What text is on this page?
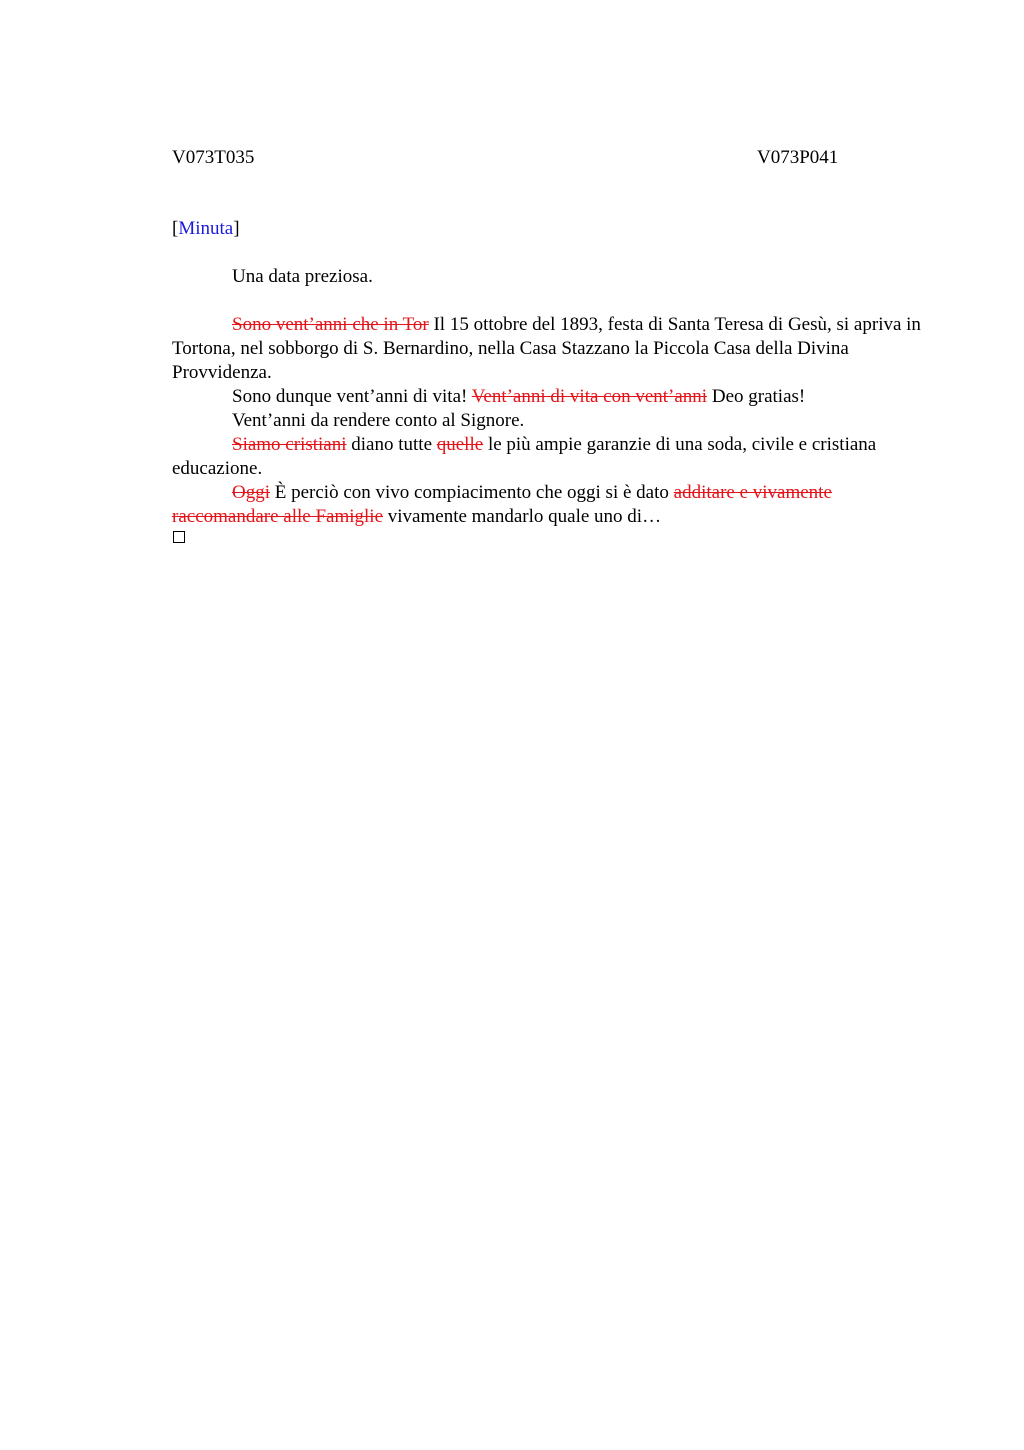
V073T035	V073P041
[Minuta]
Una data preziosa.

Sono vent’anni che in Tor Il 15 ottobre del 1893, festa di Santa Teresa di Gesù, si apriva in Tortona, nel sobborgo di S. Bernardino, nella Casa Stazzano la Piccola Casa della Divina Provvidenza.

Sono dunque vent’anni di vita! Vent’anni di vita con vent’anni Deo gratias!

Vent’anni da rendere conto al Signore.

Siamo cristiani diano tutte quelle le più ampie garanzie di una soda, civile e cristiana educazione.

Oggi È perciò con vivo compiacimento che oggi si è dato additare e vivamente raccomandare alle Famiglie vivamente mandarlo quale uno di…
